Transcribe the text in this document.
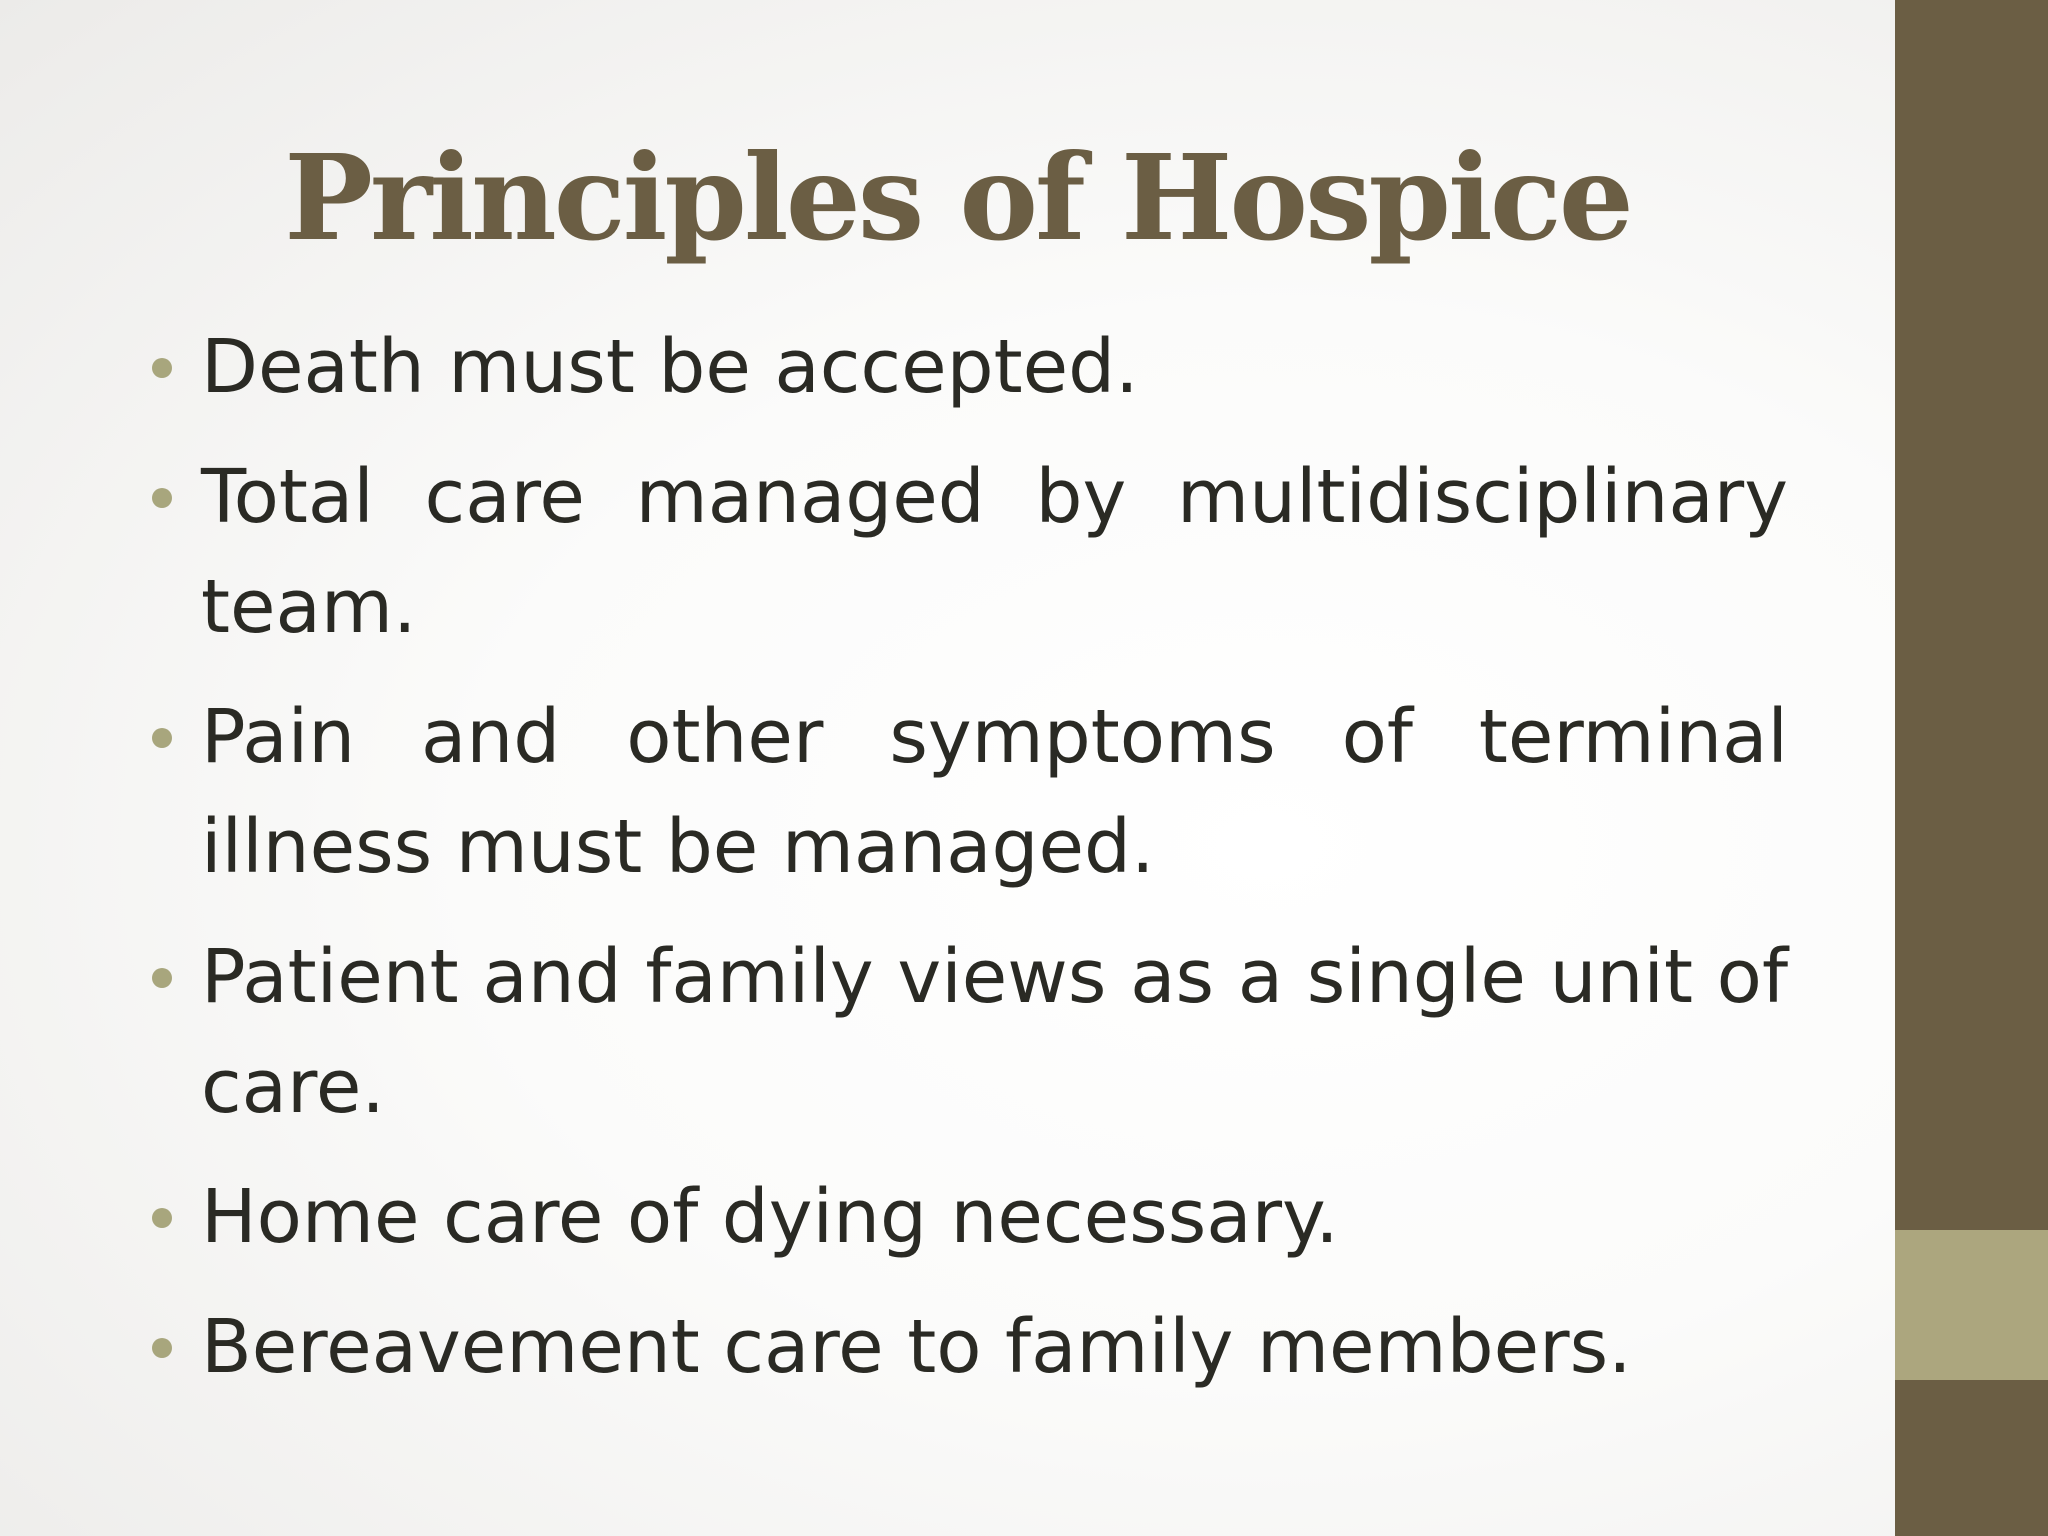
Principles of Hospice
Death must be accepted.
Total care managed by multidisciplinary team.
Pain and other symptoms of terminal illness must be managed.
Patient and family views as a single unit of care.
Home care of dying necessary.
Bereavement care to family members.
